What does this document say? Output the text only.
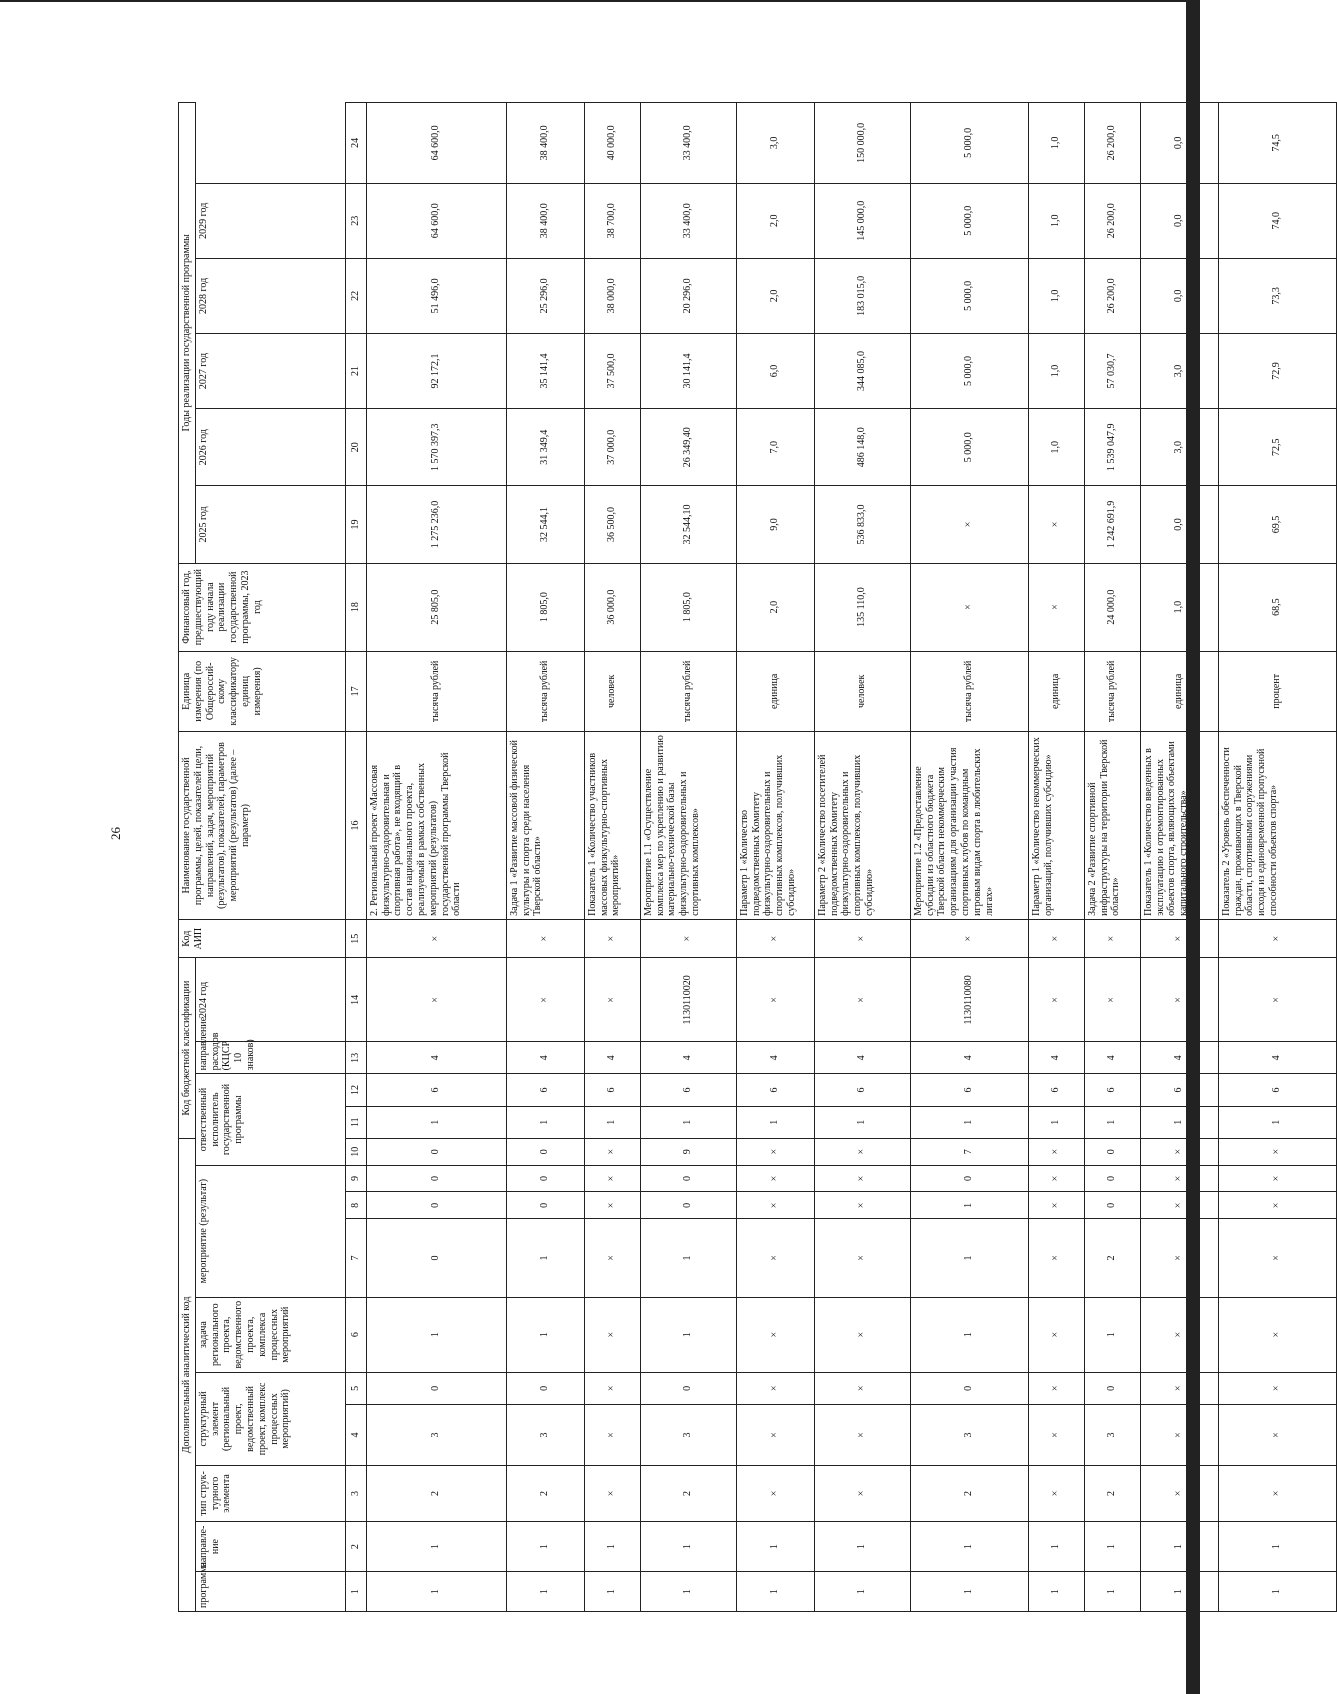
26
Дополнительный аналитический код										Код бюджетной классификации				Код АИП	Наименование государственной программы, целей, показателей цели, направлений, задач, мероприятий (результатов), показателей, параметров мероприятий (результатов) (далее – параметр)	Единица измерения (по Общероссий-скому классификатору единиц измерения)	Финансовый год, предшествующий году начала реализации государственной программы, 2023 год	Годы реализации государственной программы					
программа	направле-ние	тип струк-турного элемента	структурный элемент (региональный проект, ведомственный проект, комплекс процессных мероприятий)		задача регионального проекта, ведомственного проекта, комплекса процессных мероприятий	мероприятие (результат)			ответственный исполнитель государственной программы			направление расходов (КЦСР 10 знаков)	2024 год					2025 год	2026 год	2027 год	2028 год	2029 год	
1	2	3	4	5	6	7	8	9	10	11	12	13	14	15	16	17	18	19	20	21	22	23	24
1	1	2	3	0	1	0	0	0	0	1	6	4	×	×	2. Региональный проект «Массовая физкультурно-оздоровительная и спортивная работа», не входящий в состав национального проекта, реализуемый в рамках собственных мероприятий (результатов) государственной программы Тверской области	тысяча рублей	25 805,0	1 275 236,0	1 570 397,3	92 172,1	51 496,0	64 600,0	64 600,0
1	1	2	3	0	1	1	0	0	0	1	6	4	×	×	Задача 1 «Развитие массовой физической культуры и спорта среди населения Тверской области»	тысяча рублей	1 805,0	32 544,1	31 349,4	35 141,4	25 296,0	38 400,0	38 400,0
1	1	×	×	×	×	×	×	×	×	1	6	4	×	×	Показатель 1 «Количество участников массовых физкультурно-спортивных мероприятий»	человек	36 000,0	36 500,0	37 000,0	37 500,0	38 000,0	38 700,0	40 000,0
1	1	2	3	0	1	1	0	0	9	1	6	4	1130110020	×	Мероприятие 1.1 «Осуществление комплекса мер по укреплению и развитию материально-технической базы физкультурно-оздоровительных и спортивных комплексов»	тысяча рублей	1 805,0	32 544,10	26 349,40	30 141,4	20 296,0	33 400,0	33 400,0
1	1	×	×	×	×	×	×	×	×	1	6	4	×	×	Параметр 1 «Количество подведомственных Комитету физкультурно-оздоровительных и спортивных комплексов, получивших субсидию»	единица	2,0	9,0	7,0	6,0	2,0	2,0	3,0
1	1	×	×	×	×	×	×	×	×	1	6	4	×	×	Параметр 2 «Количество посетителей подведомственных Комитету физкультурно-оздоровительных и спортивных комплексов, получивших субсидию»	человек	135 110,0	536 833,0	486 148,0	344 085,0	183 015,0	145 000,0	150 000,0
1	1	2	3	0	1	1	1	0	7	1	6	4	1130110080	×	Мероприятие 1.2 «Предоставление субсидии из областного бюджета Тверской области некоммерческим организациям для организации участия спортивных клубов по командным игровым видам спорта в любительских лигах»	тысяча рублей	×	×	5 000,0	5 000,0	5 000,0	5 000,0	5 000,0
1	1	×	×	×	×	×	×	×	×	1	6	4	×	×	Параметр 1 «Количество некоммерческих организаций, получивших субсидию»	единица	×	×	1,0	1,0	1,0	1,0	1,0
1	1	2	3	0	1	2	0	0	0	1	6	4	×	×	Задача 2 «Развитие спортивной инфраструктуры на территории Тверской области»	тысяча рублей	24 000,0	1 242 691,9	1 539 047,9	57 030,7	26 200,0	26 200,0	26 200,0
1	1	×	×	×	×	×	×	×	×	1	6	4	×	×	Показатель 1 «Количество введенных в эксплуатацию и отремонтированных объектов спорта, являющихся объектами капитального строительства»	единица	1,0	0,0	3,0	3,0	0,0	0,0	0,0
1	1	×	×	×	×	×	×	×	×	1	6	4	×	×	Показатель 2 «Уровень обеспеченности граждан, проживающих в Тверской области, спортивными сооружениями исходя из единовременной пропускной способности объектов спорта»	процент	68,5	69,5	72,5	72,9	73,3	74,0	74,5
